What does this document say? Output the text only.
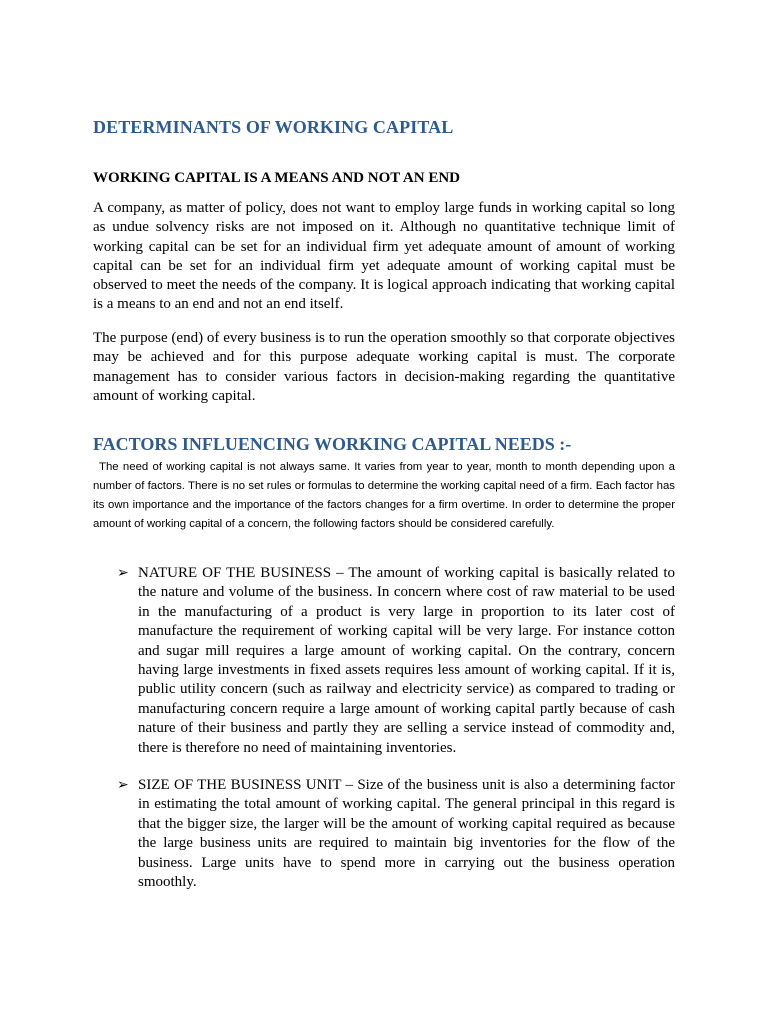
DETERMINANTS OF WORKING CAPITAL
WORKING CAPITAL IS A MEANS AND NOT AN END

A company, as matter of policy, does not want to employ large funds in working capital so long as undue solvency risks are not imposed on it. Although no quantitative technique limit of working capital can be set for an individual firm yet adequate amount of amount of working capital can be set for an individual firm yet adequate amount of working capital must be observed to meet the needs of the company. It is logical approach indicating that working capital is a means to an end and not an end itself.

The purpose (end) of every business is to run the operation smoothly so that corporate objectives may be achieved and for this purpose adequate working capital is must. The corporate management has to consider various factors in decision-making regarding the quantitative amount of working capital.

FACTORS INFLUENCING WORKING CAPITAL NEEDS :-

The need of working capital is not always same. It varies from year to year, month to month depending upon a number of factors. There is no set rules or formulas to determine the working capital need of a firm. Each factor has its own importance and the importance of the factors changes for a firm overtime. In order to determine the proper amount of working capital of a concern, the following factors should be considered carefully.

➢ NATURE OF THE BUSINESS – The amount of working capital is basically related to the nature and volume of the business. In concern where cost of raw material to be used in the manufacturing of a product is very large in proportion to its later cost of manufacture the requirement of working capital will be very large. For instance cotton and sugar mill requires a large amount of working capital. On the contrary, concern having large investments in fixed assets requires less amount of working capital. If it is, public utility concern (such as railway and electricity service) as compared to trading or manufacturing concern require a large amount of working capital partly because of cash nature of their business and partly they are selling a service instead of commodity and, there is therefore no need of maintaining inventories.

➢ SIZE OF THE BUSINESS UNIT – Size of the business unit is also a determining factor in estimating the total amount of working capital. The general principal in this regard is that the bigger size, the larger will be the amount of working capital required as because the large business units are required to maintain big inventories for the flow of the business. Large units have to spend more in carrying out the business operation smoothly.
